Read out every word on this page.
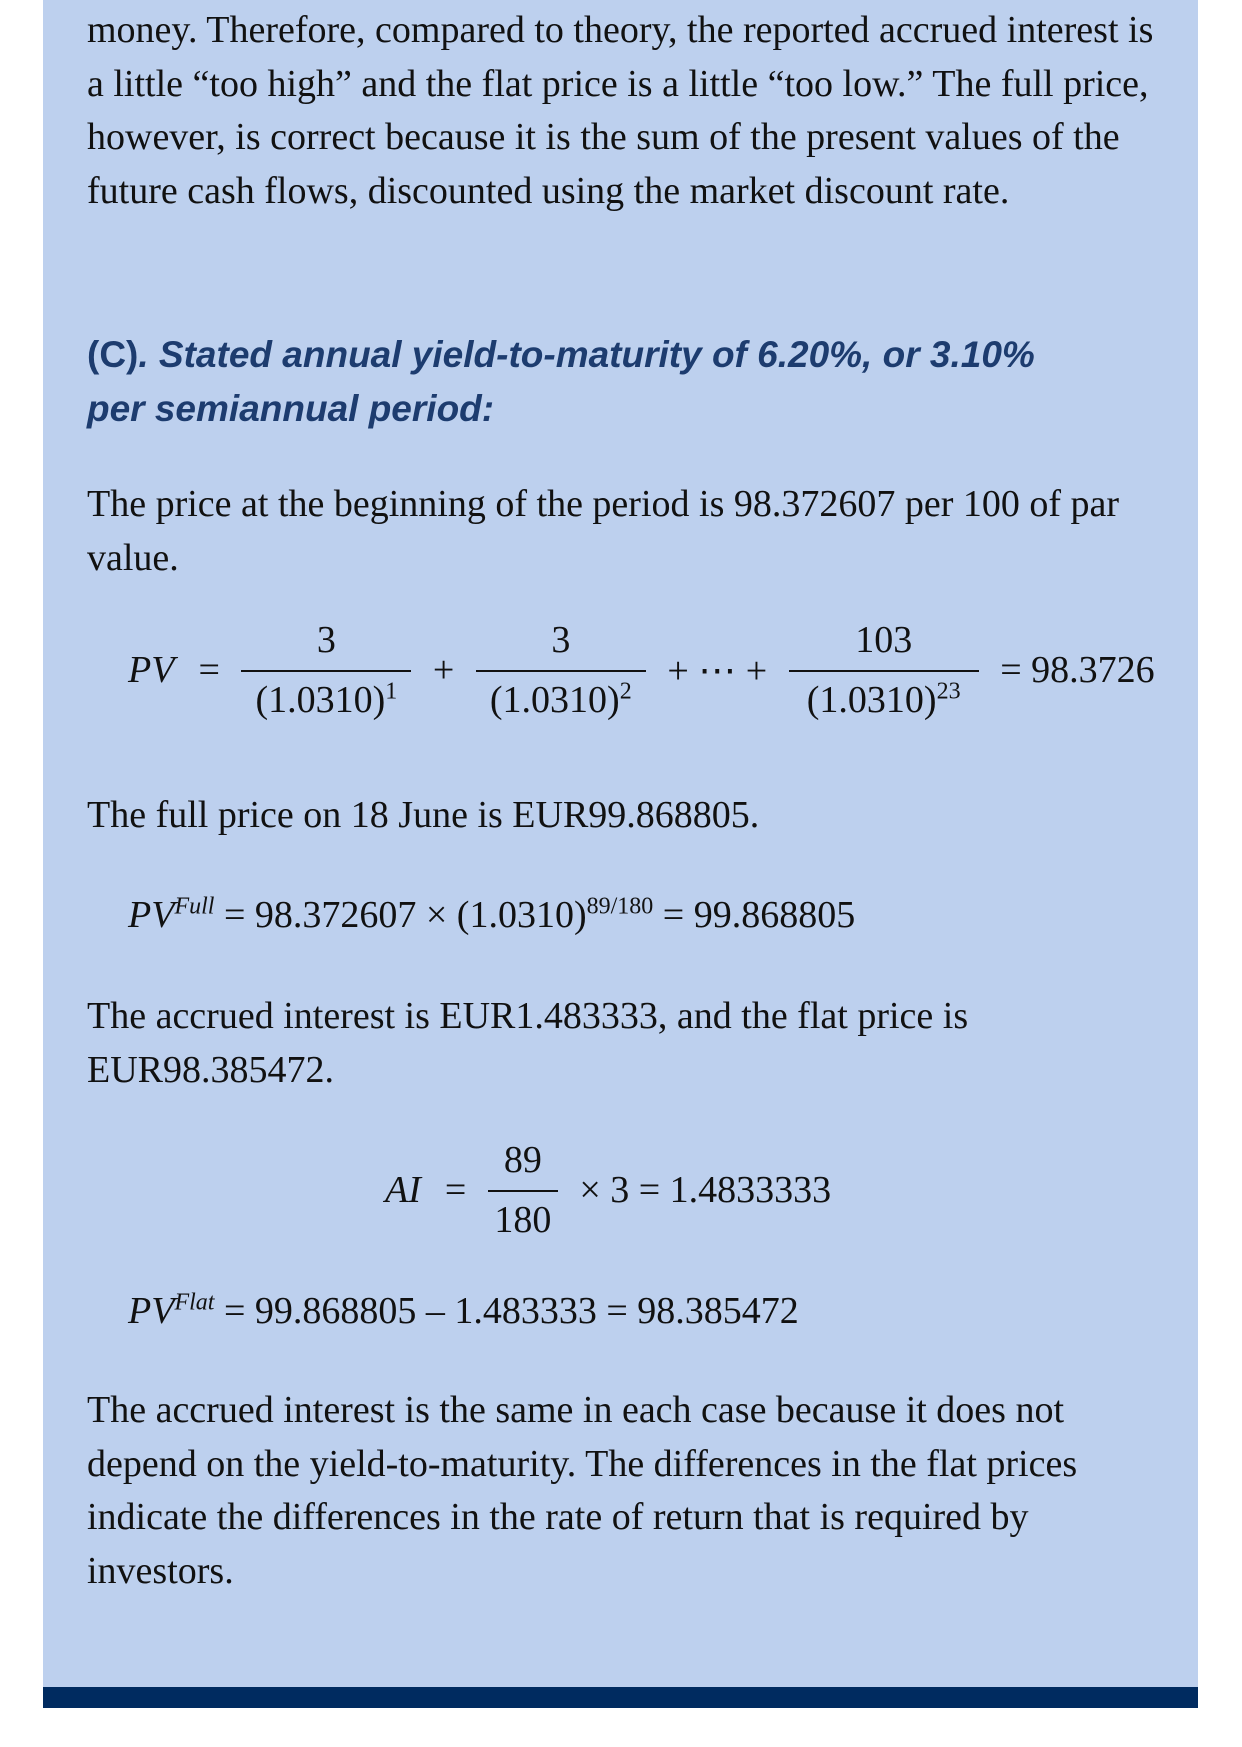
money. Therefore, compared to theory, the reported accrued interest is a little “too high” and the flat price is a little “too low.” The full price, however, is correct because it is the sum of the present values of the future cash flows, discounted using the market discount rate.

(C). Stated annual yield-to-maturity of 6.20%, or 3.10% per semiannual period:

The price at the beginning of the period is 98.372607 per 100 of par value.

PV = $\frac{3}{(1.0310)^1} + \frac{3}{(1.0310)^2}$ + ⋯ + $\frac{103}{(1.0310)^{23}} = 98.3726$

The full price on 18 June is EUR99.868805.

$PV^{Full} = 98.372607 \times (1.0310)^{89/180} = 99.868805$

The accrued interest is EUR1.483333, and the flat price is EUR98.385472.

AI = $\frac{89}{180} \times 3 = 1.4833333$
$PV^{Flat} = 99.868805 - 1.483333 = 98.385472$

The accrued interest is the same in each case because it does not depend on the yield-to-maturity. The differences in the flat prices indicate the differences in the rate of return that is required by investors.
